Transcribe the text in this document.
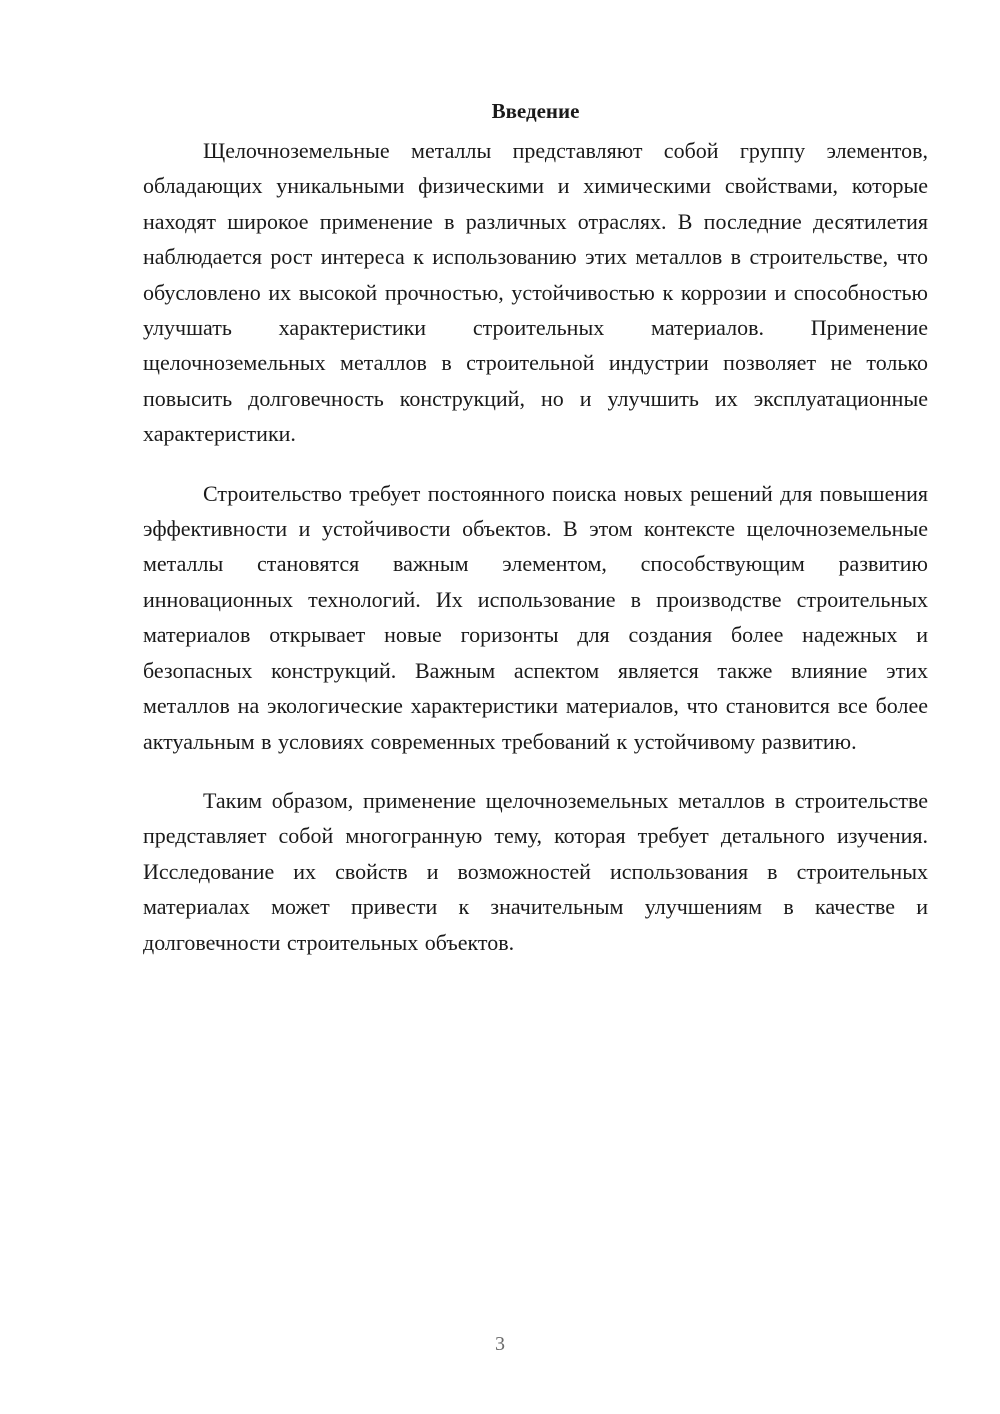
Введение

Щелочноземельные металлы представляют собой группу элементов, обладающих уникальными физическими и химическими свойствами, которые находят широкое применение в различных отраслях. В последние десятилетия наблюдается рост интереса к использованию этих металлов в строительстве, что обусловлено их высокой прочностью, устойчивостью к коррозии и способностью улучшать характеристики строительных материалов. Применение щелочноземельных металлов в строительной индустрии позволяет не только повысить долговечность конструкций, но и улучшить их эксплуатационные характеристики.

Строительство требует постоянного поиска новых решений для повышения эффективности и устойчивости объектов. В этом контексте щелочноземельные металлы становятся важным элементом, способствующим развитию инновационных технологий. Их использование в производстве строительных материалов открывает новые горизонты для создания более надежных и безопасных конструкций. Важным аспектом является также влияние этих металлов на экологические характеристики материалов, что становится все более актуальным в условиях современных требований к устойчивому развитию.

Таким образом, применение щелочноземельных металлов в строительстве представляет собой многогранную тему, которая требует детального изучения. Исследование их свойств и возможностей использования в строительных материалах может привести к значительным улучшениям в качестве и долговечности строительных объектов.

3
